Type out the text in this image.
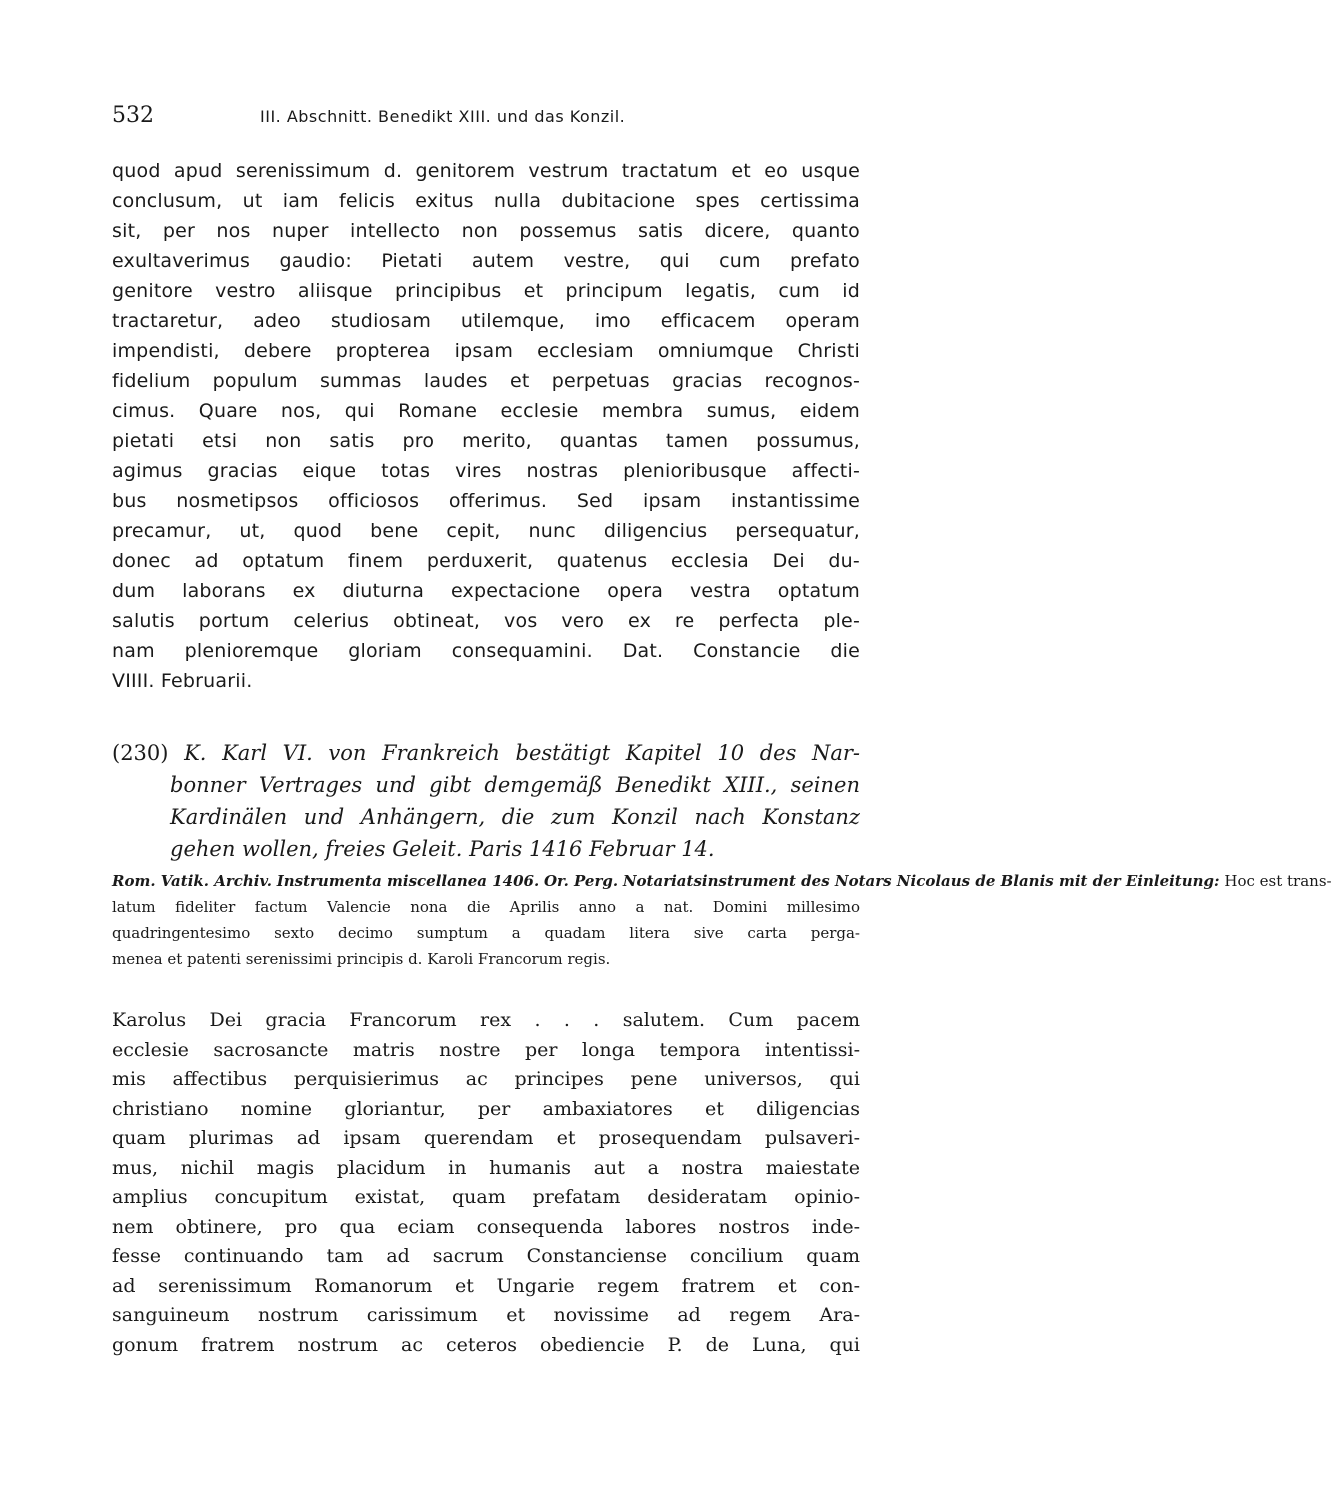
532	III. Abschnitt. Benedikt XIII. und das Konzil.
quod apud serenissimum d. genitorem vestrum tractatum et eo usque
conclusum, ut iam felicis exitus nulla dubitacione spes certissima
sit, per nos nuper intellecto non possemus satis dicere, quanto
exultaverimus gaudio: Pietati autem vestre, qui cum prefato
genitore vestro aliisque principibus et principum legatis, cum id
tractaretur, adeo studiosam utilemque, imo efficacem operam
impendisti, debere propterea ipsam ecclesiam omniumque Christi
fidelium populum summas laudes et perpetuas gracias recognos-
cimus. Quare nos, qui Romane ecclesie membra sumus, eidem
pietati etsi non satis pro merito, quantas tamen possumus,
agimus gracias eique totas vires nostras plenioribusque affecti-
bus nosmetipsos officiosos offerimus. Sed ipsam instantissime
precamur, ut, quod bene cepit, nunc diligencius persequatur,
donec ad optatum finem perduxerit, quatenus ecclesia Dei du-
dum laborans ex diuturna expectacione opera vestra optatum
salutis portum celerius obtineat, vos vero ex re perfecta ple-
nam plenioremque gloriam consequamini. Dat. Constancie die
VIIII. Februarii.
(230) K. Karl VI. von Frankreich bestätigt Kapitel 10 des Nar-
bonner Vertrages und gibt demgemäß Benedikt XIII., seinen
Kardinälen und Anhängern, die zum Konzil nach Konstanz
gehen wollen, freies Geleit. Paris 1416 Februar 14.
Rom. Vatik. Archiv. Instrumenta miscellanea 1406. Or. Perg. Notariatsinstrument des Notars Nicolaus de Blanis mit der Einleitung: Hoc est trans-
latum fideliter factum Valencie nona die Aprilis anno a nat. Domini millesimo
quadringentesimo sexto decimo sumptum a quadam litera sive carta perga-
menea et patenti serenissimi principis d. Karoli Francorum regis.
Karolus Dei gracia Francorum rex . . . salutem. Cum pacem
ecclesie sacrosancte matris nostre per longa tempora intentissi-
mis affectibus perquisierimus ac principes pene universos, qui
christiano nomine gloriantur, per ambaxiatores et diligencias
quam plurimas ad ipsam querendam et prosequendam pulsaveri-
mus, nichil magis placidum in humanis aut a nostra maiestate
amplius concupitum existat, quam prefatam desideratam opinio-
nem obtinere, pro qua eciam consequenda labores nostros inde-
fesse continuando tam ad sacrum Constanciense concilium quam
ad serenissimum Romanorum et Ungarie regem fratrem et con-
sanguineum nostrum carissimum et novissime ad regem Ara-
gonum fratrem nostrum ac ceteros obediencie P. de Luna, qui
